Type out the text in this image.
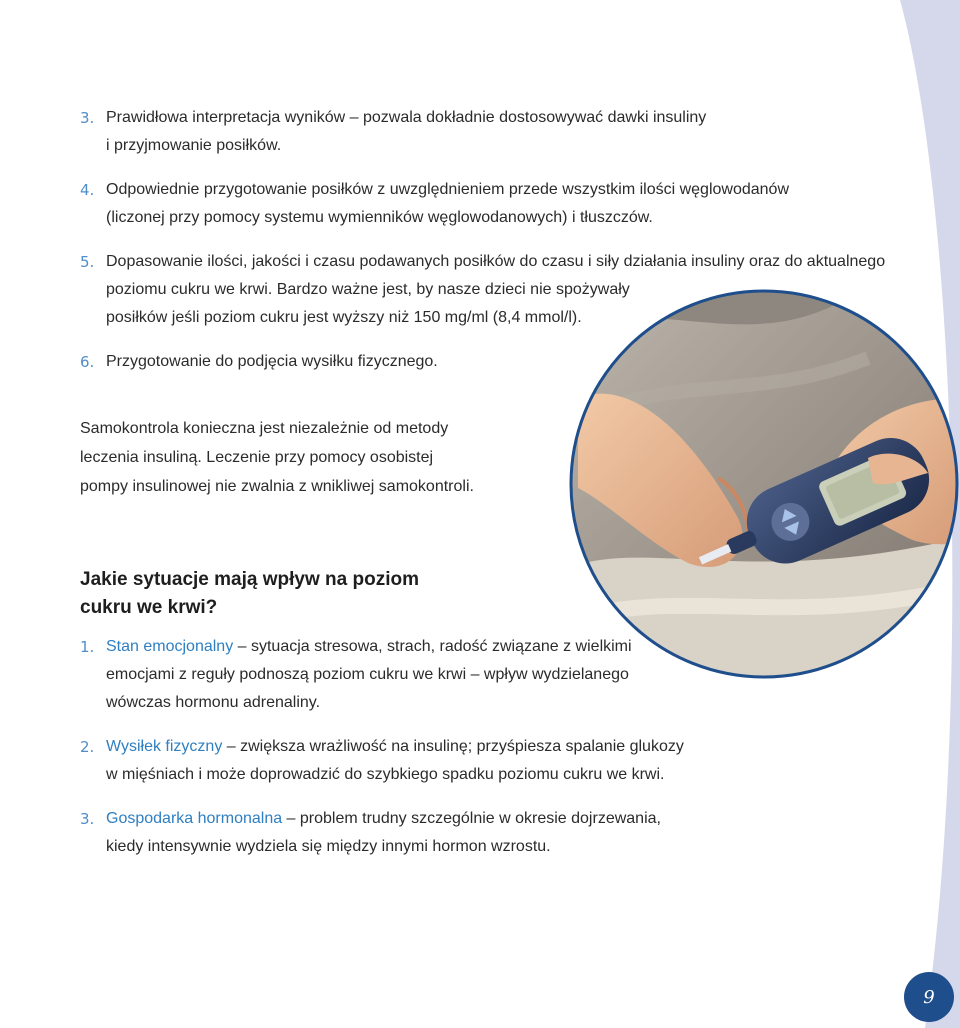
3. Prawidłowa interpretacja wyników – pozwala dokładnie dostosowywać dawki insuliny
i przyjmowanie posiłków.
4. Odpowiednie przygotowanie posiłków z uwzględnieniem przede wszystkim ilości węglowodanów
(liczonej przy pomocy systemu wymienników węglowodanowych) i tłuszczów.
5. Dopasowanie ilości, jakości i czasu podawanych posiłków do czasu i siły działania insuliny oraz do aktualnego
poziomu cukru we krwi. Bardzo ważne jest, by nasze dzieci nie spożywały
posiłków jeśli poziom cukru jest wyższy niż 150 mg/ml (8,4 mmol/l).
6. Przygotowanie do podjęcia wysiłku fizycznego.
Samokontrola konieczna jest niezależnie od metody
leczenia insuliną. Leczenie przy pomocy osobistej
pompy insulinowej nie zwalnia z wnikliwej samokontroli.
Jakie sytuacje mają wpływ na poziom
cukru we krwi?
1. Stan emocjonalny – sytuacja stresowa, strach, radość związane z wielkimi
emocjami z reguły podnoszą poziom cukru we krwi – wpływ wydzielanego
wówczas hormonu adrenaliny.
2. Wysiłek fizyczny – zwiększa wrażliwość na insulinę; przyśpiesza spalanie glukozy
w mięśniach i może doprowadzić do szybkiego spadku poziomu cukru we krwi.
3. Gospodarka hormonalna – problem trudny szczególnie w okresie dojrzewania,
kiedy intensywnie wydziela się między innymi hormon wzrostu.
9
